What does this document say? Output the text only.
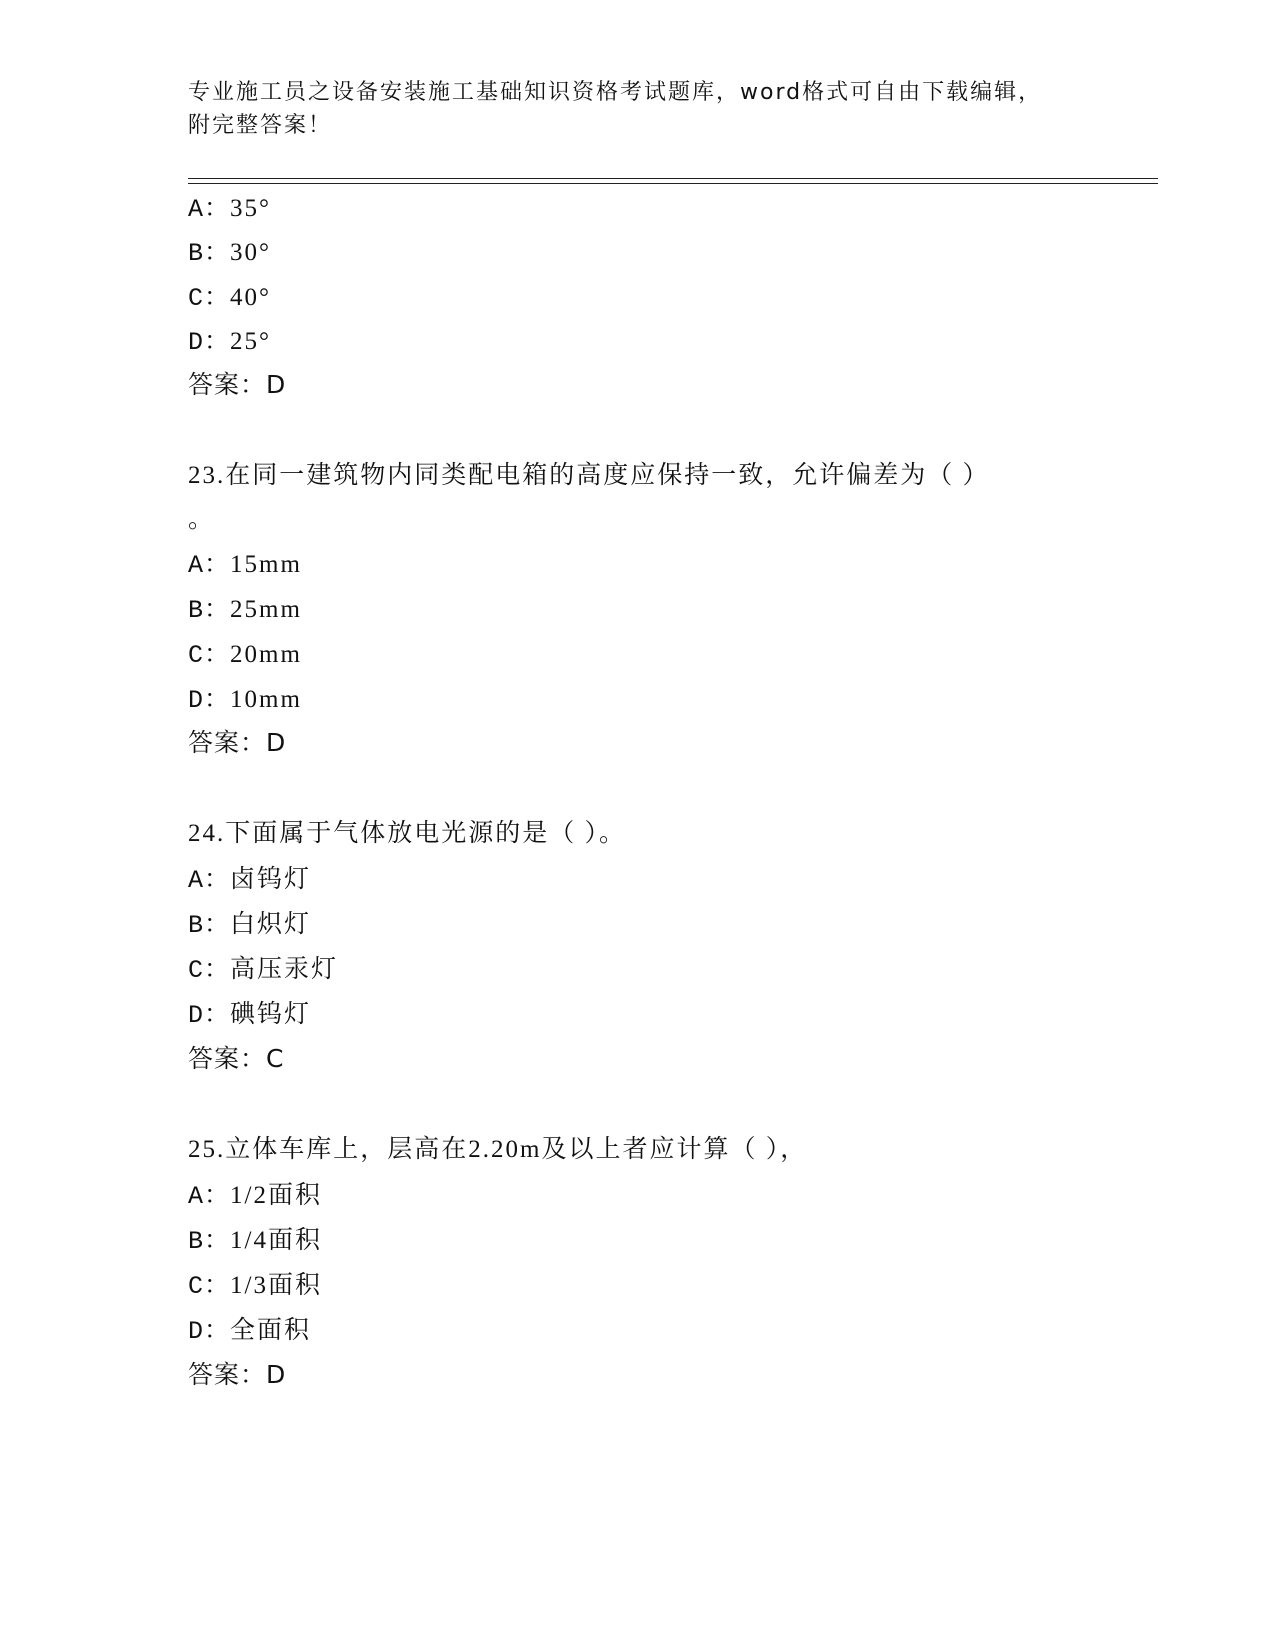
专业施工员之设备安装施工基础知识资格考试题库，word格式可自由下载编辑，
附完整答案！
A：35°
B：30°
C：40°
D：25°
答案：D
23.在同一建筑物内同类配电箱的高度应保持一致，允许偏差为（ ）
。
A：15mm
B：25mm
C：20mm
D：10mm
答案：D
24.下面属于气体放电光源的是（ ）。
A：卤钨灯
B：白炽灯
C：高压汞灯
D：碘钨灯
答案：C
25.立体车库上，层高在2.20m及以上者应计算（ ），
A：1/2面积
B：1/4面积
C：1/3面积
D：全面积
答案：D
